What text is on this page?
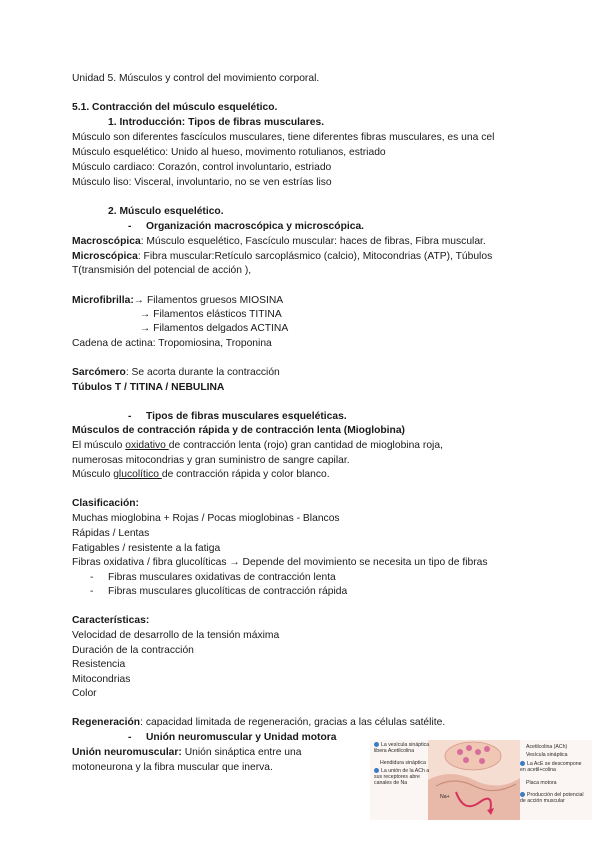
Unidad 5. Músculos y control del movimiento corporal.

5.1. Contracción del músculo esquelético.

1. Introducción: Tipos de fibras musculares.

Músculo son diferentes fascículos musculares, tiene diferentes fibras musculares, es una cel

Músculo esquelético: Unido al hueso, movimento rotulianos, estriado

Músculo cardiaco: Corazón, control involuntario, estriado

Músculo liso: Visceral, involuntario, no se ven estrías liso

2. Músculo esquelético.

- Organización macroscópica y microscópica.

Macroscópica: Músculo esquelético, Fascículo muscular: haces de fibras, Fibra muscular.

Microscópica: Fibra muscular:Retículo sarcoplásmico (calcio), Mitocondrias (ATP), Túbulos

T(transmisión del potencial de acción ),

Microfibrilla:→ Filamentos gruesos MIOSINA

→ Filamentos elásticos TITINA

→ Filamentos delgados ACTINA

Cadena de actina: Tropomiosina, Troponina

Sarcómero: Se acorta durante la contracción

Túbulos T / TITINA / NEBULINA

- Tipos de fibras musculares esqueléticas.

Músculos de contracción rápida y de contracción lenta (Mioglobina)

El músculo oxidativo de contracción lenta (rojo) gran cantidad de mioglobina roja,

numerosas mitocondrias y gran suministro de sangre capilar.

Músculo glucolítico de contracción rápida y color blanco.

Clasificación:

Muchas mioglobina + Rojas / Pocas mioglobinas - Blancos

Rápidas / Lentas

Fatigables / resistente a la fatiga

Fibras oxidativa / fibra glucolíticas → Depende del movimiento se necesita un tipo de fibras

- Fibras musculares oxidativas de contracción lenta

- Fibras musculares glucolíticas de contracción rápida

Características:

Velocidad de desarrollo de la tensión máxima

Duración de la contracción

Resistencia

Mitocondrias

Color

Regeneración: capacidad limitada de regeneración, gracias a las células satélite.

- Unión neuromuscular y Unidad motora

Unión neuromuscular: Unión sináptica entre una

motoneurona y la fibra muscular que inerva.

La vesícula sináptica libera Acetilcolina
Hendidura sináptica
La unión de la ACh a sus receptores abre canales de Na
Na+
Acetilcolina (ACh)
Vesícula sináptica
La AcE se descompone en acetil+colina
Placa motora
Producción del potencial de acción muscular
